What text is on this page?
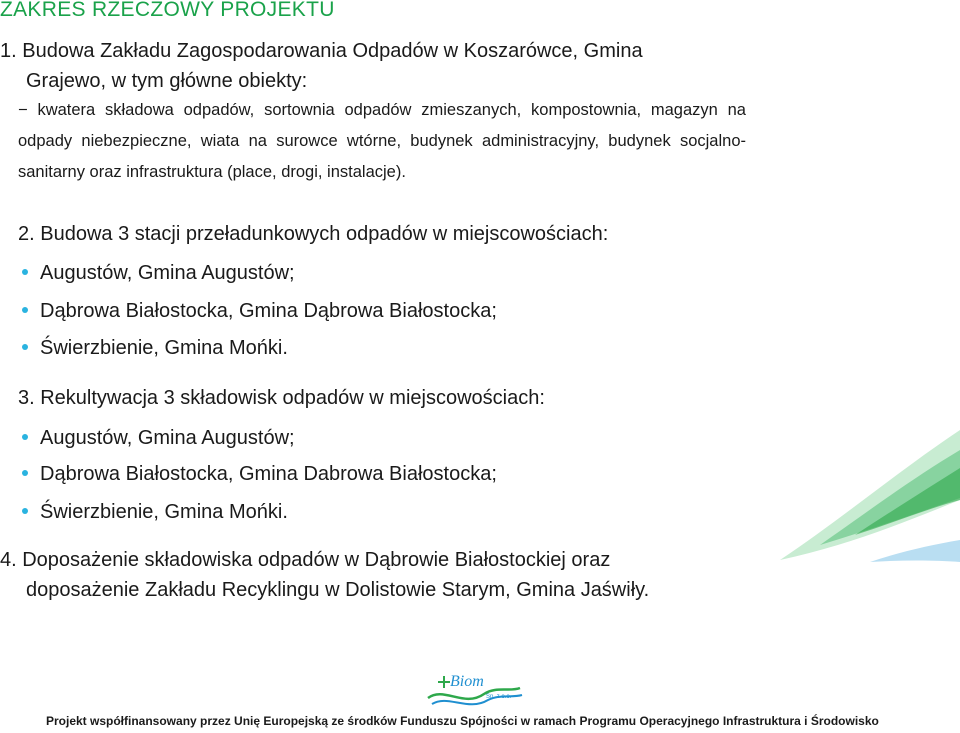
ZAKRES RZECZOWY PROJEKTU
1. Budowa Zakładu Zagospodarowania Odpadów w Koszarówce, Gmina
Grajewo, w tym główne obiekty:
− kwatera składowa odpadów, sortownia odpadów zmieszanych, kompostownia, magazyn na odpady niebezpieczne, wiata na surowce wtórne, budynek administracyjny, budynek socjalno-sanitarny oraz infrastruktura (place, drogi, instalacje).
2. Budowa 3 stacji przeładunkowych odpadów w miejscowościach:
Augustów, Gmina Augustów;
Dąbrowa Białostocka, Gmina Dąbrowa Białostocka;
Świerzbienie, Gmina Mońki.
3. Rekultywacja 3 składowisk odpadów w miejscowościach:
Augustów, Gmina Augustów;
Dąbrowa Białostocka, Gmina Dabrowa Białostocka;
Świerzbienie, Gmina Mońki.
4. Doposażenie składowiska odpadów w Dąbrowie Białostockiej oraz
doposażenie Zakładu Recyklingu w Dolistowie Starym, Gmina Jaświły.
Biom
Sp. z o.o.
Projekt współfinansowany przez Unię Europejską ze środków Funduszu Spójności w ramach Programu Operacyjnego Infrastruktura i Środowisko
